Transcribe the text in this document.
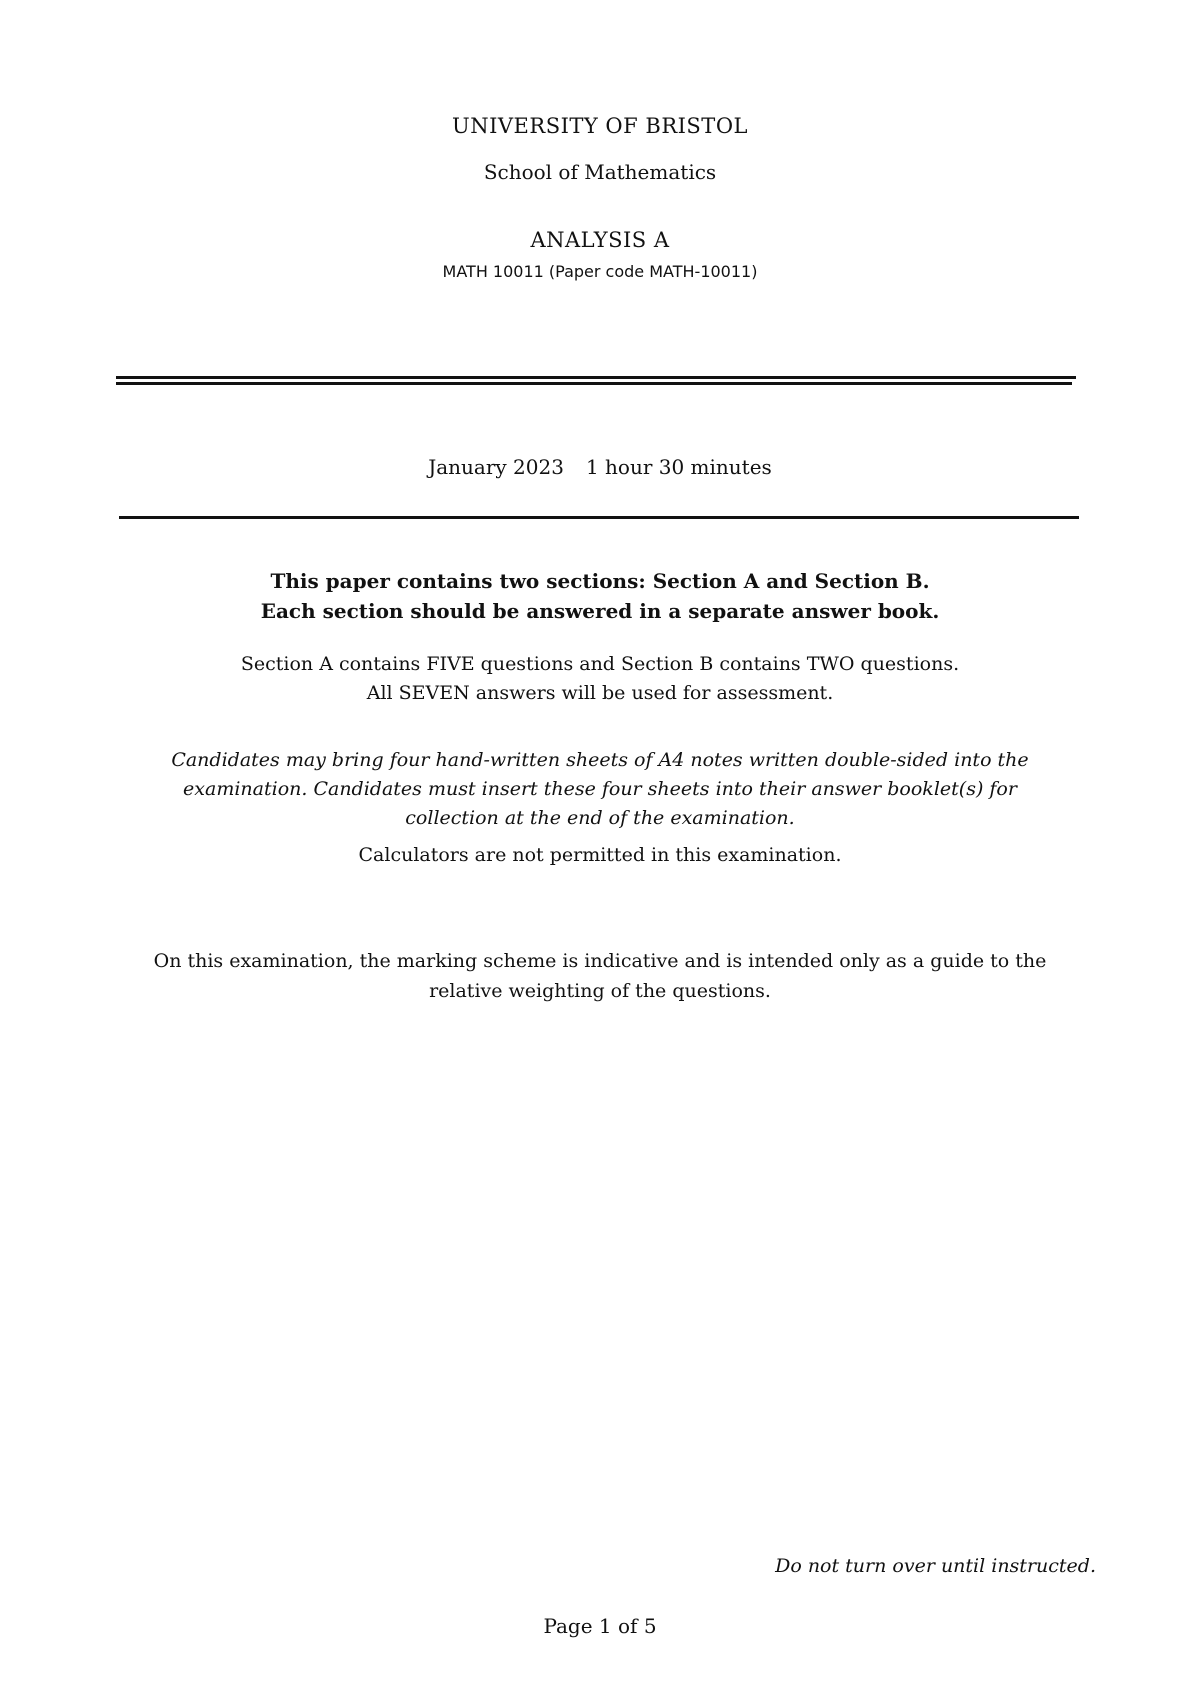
UNIVERSITY OF BRISTOL
School of Mathematics
ANALYSIS A
MATH 10011 (Paper code MATH-10011)
January 2023 1 hour 30 minutes

This paper contains two sections: Section A and Section B.

Each section should be answered in a separate answer book.

Section A contains FIVE questions and Section B contains TWO questions.

All SEVEN answers will be used for assessment.

Candidates may bring four hand-written sheets of A4 notes written double-sided into the

examination. Candidates must insert these four sheets into their answer booklet(s) for

collection at the end of the examination.

Calculators are not permitted in this examination.

On this examination, the marking scheme is indicative and is intended only as a guide to the

relative weighting of the questions.

Do not turn over until instructed.
Page 1 of 5
